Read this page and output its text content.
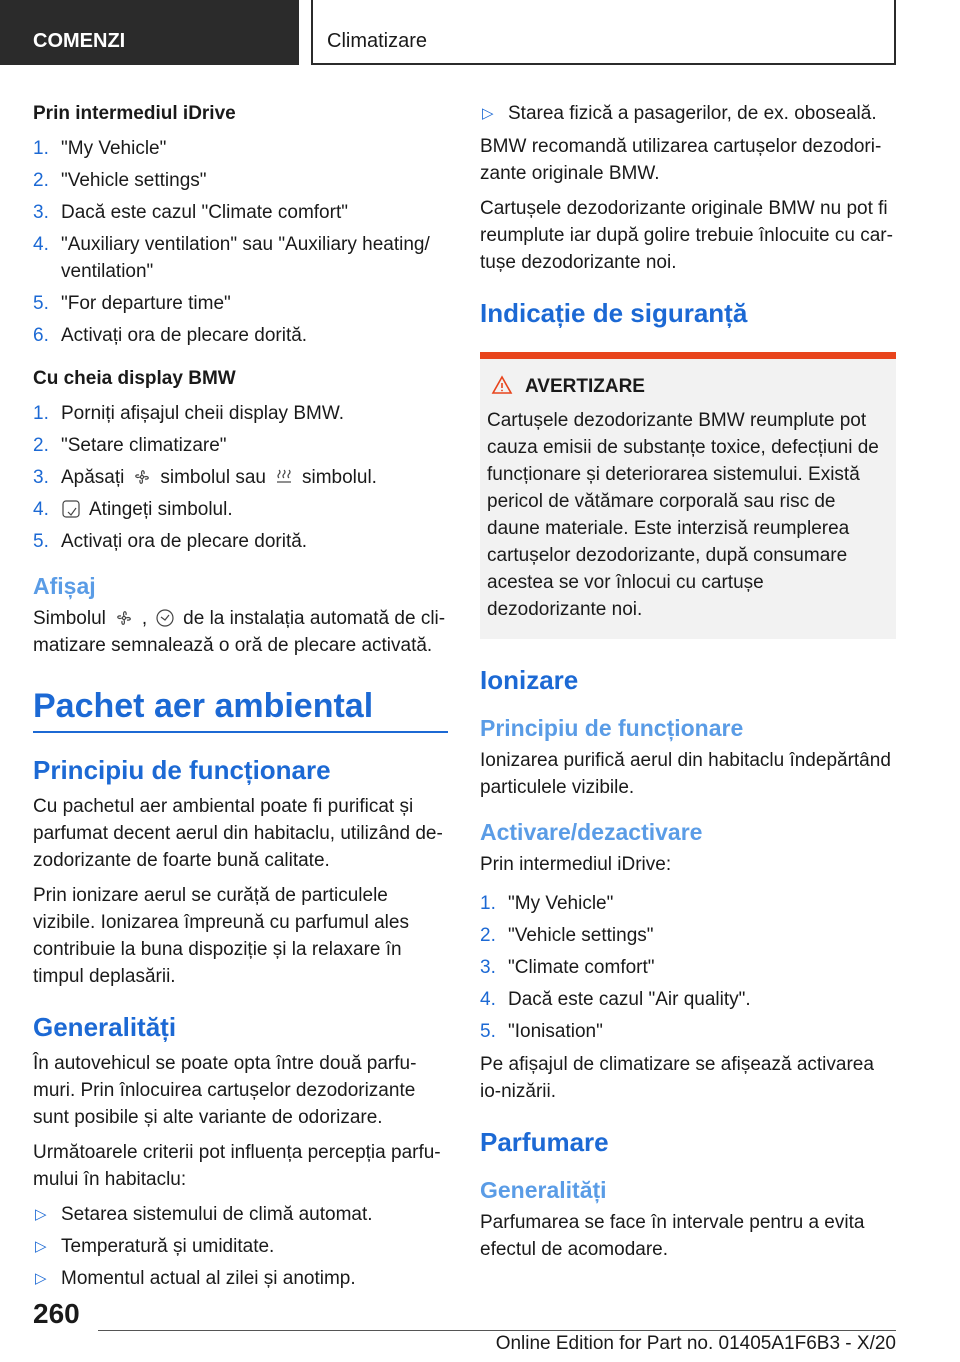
COMENZI	Climatizare

Prin intermediul iDrive

1. "My Vehicle"
2. "Vehicle settings"
3. Dacă este cazul "Climate comfort"
4. "Auxiliary ventilation" sau "Auxiliary heating/ ventilation"
5. "For departure time"
6. Activați ora de plecare dorită.

Cu cheia display BMW

1. Porniți afișajul cheii display BMW.
2. "Setare climatizare"
3. Apăsați simbolul sau simbolul.
4. Atingeți simbolul.
5. Activați ora de plecare dorită.
Afișaj

Simbolul , de la instalația automată de cli-matizare semnalează o oră de plecare activată.

Pachet aer ambiental
Principiu de funcționare

Cu pachetul aer ambiental poate fi purificat și parfumat decent aerul din habitaclu, utilizând de-zodorizante de foarte bună calitate.

Prin ionizare aerul se curăță de particulele vizibile. Ionizarea împreună cu parfumul ales contribuie la buna dispoziție și la relaxare în timpul deplasării.

Generalități

În autovehicul se poate opta între două parfu-muri. Prin înlocuirea cartușelor dezodorizante sunt posibile și alte variante de odorizare.

Următoarele criterii pot influența percepția parfu-mului în habitaclu:

▷ Setarea sistemului de climă automat.
▷ Temperatură și umiditate.
▷ Momentul actual al zilei și anotimp.
▷ Starea fizică a pasagerilor, de ex. oboseală.

BMW recomandă utilizarea cartușelor dezodori-zante originale BMW.

Cartușele dezodorizante originale BMW nu pot fi reumplute iar după golire trebuie înlocuite cu car-tușe dezodorizante noi.

Indicație de siguranță
AVERTIZARE
Cartușele dezodorizante BMW reumplute pot cauza emisii de substanțe toxice, defecțiuni de funcționare și deteriorarea sistemului. Există pericol de vătămare corporală sau risc de daune materiale. Este interzisă reumplerea cartușelor dezodorizante, după consumare acestea se vor înlocui cu cartușe dezodorizante noi.
Ionizare
Principiu de funcționare

Ionizarea purifică aerul din habitaclu îndepărtând particulele vizibile.

Activare/dezactivare

Prin intermediul iDrive:

1. "My Vehicle"
2. "Vehicle settings"
3. "Climate comfort"
4. Dacă este cazul "Air quality".
5. "Ionisation"

Pe afișajul de climatizare se afișează activarea io-nizării.

Parfumare
Generalități

Parfumarea se face în intervale pentru a evita efectul de acomodare.

260
Online Edition for Part no. 01405A1F6B3 - X/20
